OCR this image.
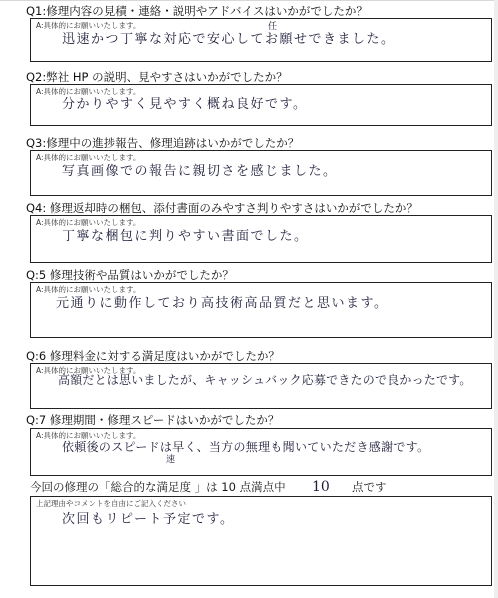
Q1:修理内容の見積・連絡・説明やアドバイスはいかがでしたか？
A:具体的にお願いいたします。
迅速かつ丁寧な対応で安心してお願せできました。
任
Q2:弊社 HP の説明、見やすさはいかがでしたか？
A:具体的にお願いいたします。
分かりやすく見やすく概ね良好です。
Q3:修理中の進捗報告、修理追跡はいかがでしたか？
A:具体的にお願いいたします。
写真画像での報告に親切さを感じました。
Q4: 修理返却時の梱包、添付書面のみやすさ判りやすさはいかがでしたか？
A:具体的にお願いいたします。
丁寧な梱包に判りやすい書面でした。
Q:5 修理技術や品質はいかがでしたか？
A:具体的にお願いいたします。
元通りに動作しており高技術高品質だと思います。
Q:6 修理料金に対する満足度はいかがでしたか？
A:具体的にお願いいたします。
高額だとは思いましたが、キャッシュバック応募できたので良かったです。
Q:7 修理期間・修理スピードはいかがでしたか？
A:具体的にお願いいたします。
依頼後のスピードは早く、当方の無理も聞いていただき感謝です。
速
今回の修理の「総合的な満足度 」は 10 点満点中 10 点です
上記理由やコメントを自由にご記入ください
次回もリピート予定です。
